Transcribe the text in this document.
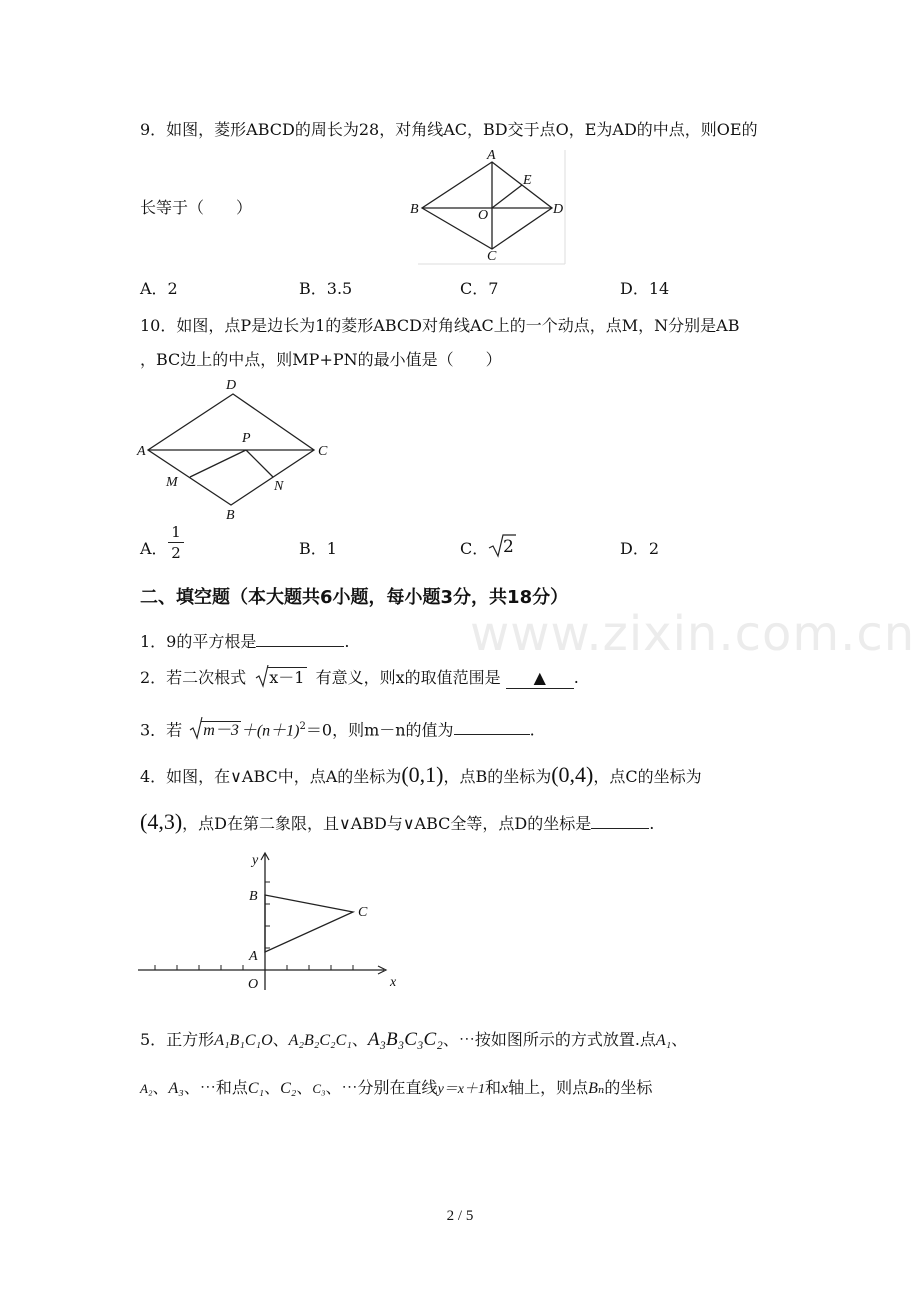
www.zixin.com.cn
9．如图，菱形ABCD的周长为28，对角线AC，BD交于点O，E为AD的中点，则OE的
长等于（　　）
A
E
B	O	D
C
A．2	B．3.5	C．7	D．14
10．如图，点P是边长为1的菱形ABCD对角线AC上的一个动点，点M，N分别是AB
，BC边上的中点，则MP+PN的最小值是（　　）
D
P
A	C
M	N
B
A．
1
2	B．1	C． 2	D．2
二、填空题（本大题共6小题，每小题3分，共18分）
1．9的平方根是	.
2．若二次根式 x－1 有意义，则x的取值范围是 ▲ .
3．若 $m-3 +(n+1)^2=0$，则m－n的值为	.
4．如图，在∨ABC中，点A的坐标为(0,1)，点B的坐标为(0,4)，点C的坐标为
(4,3)，点D在第二象限，且∨ABD与∨ABC全等，点D的坐标是	.
y
B
C
A
O	x
5．正方形A₁B₁C₁O、A₂B₂C₂C₁、A₃B₃C₃C₂、⋯按如图所示的方式放置.点A₁、
A₂、A₃、⋯和点C₁、C₂、C₃、⋯分别在直线y＝x＋1和x轴上，则点Bₙ的坐标
2 / 5
